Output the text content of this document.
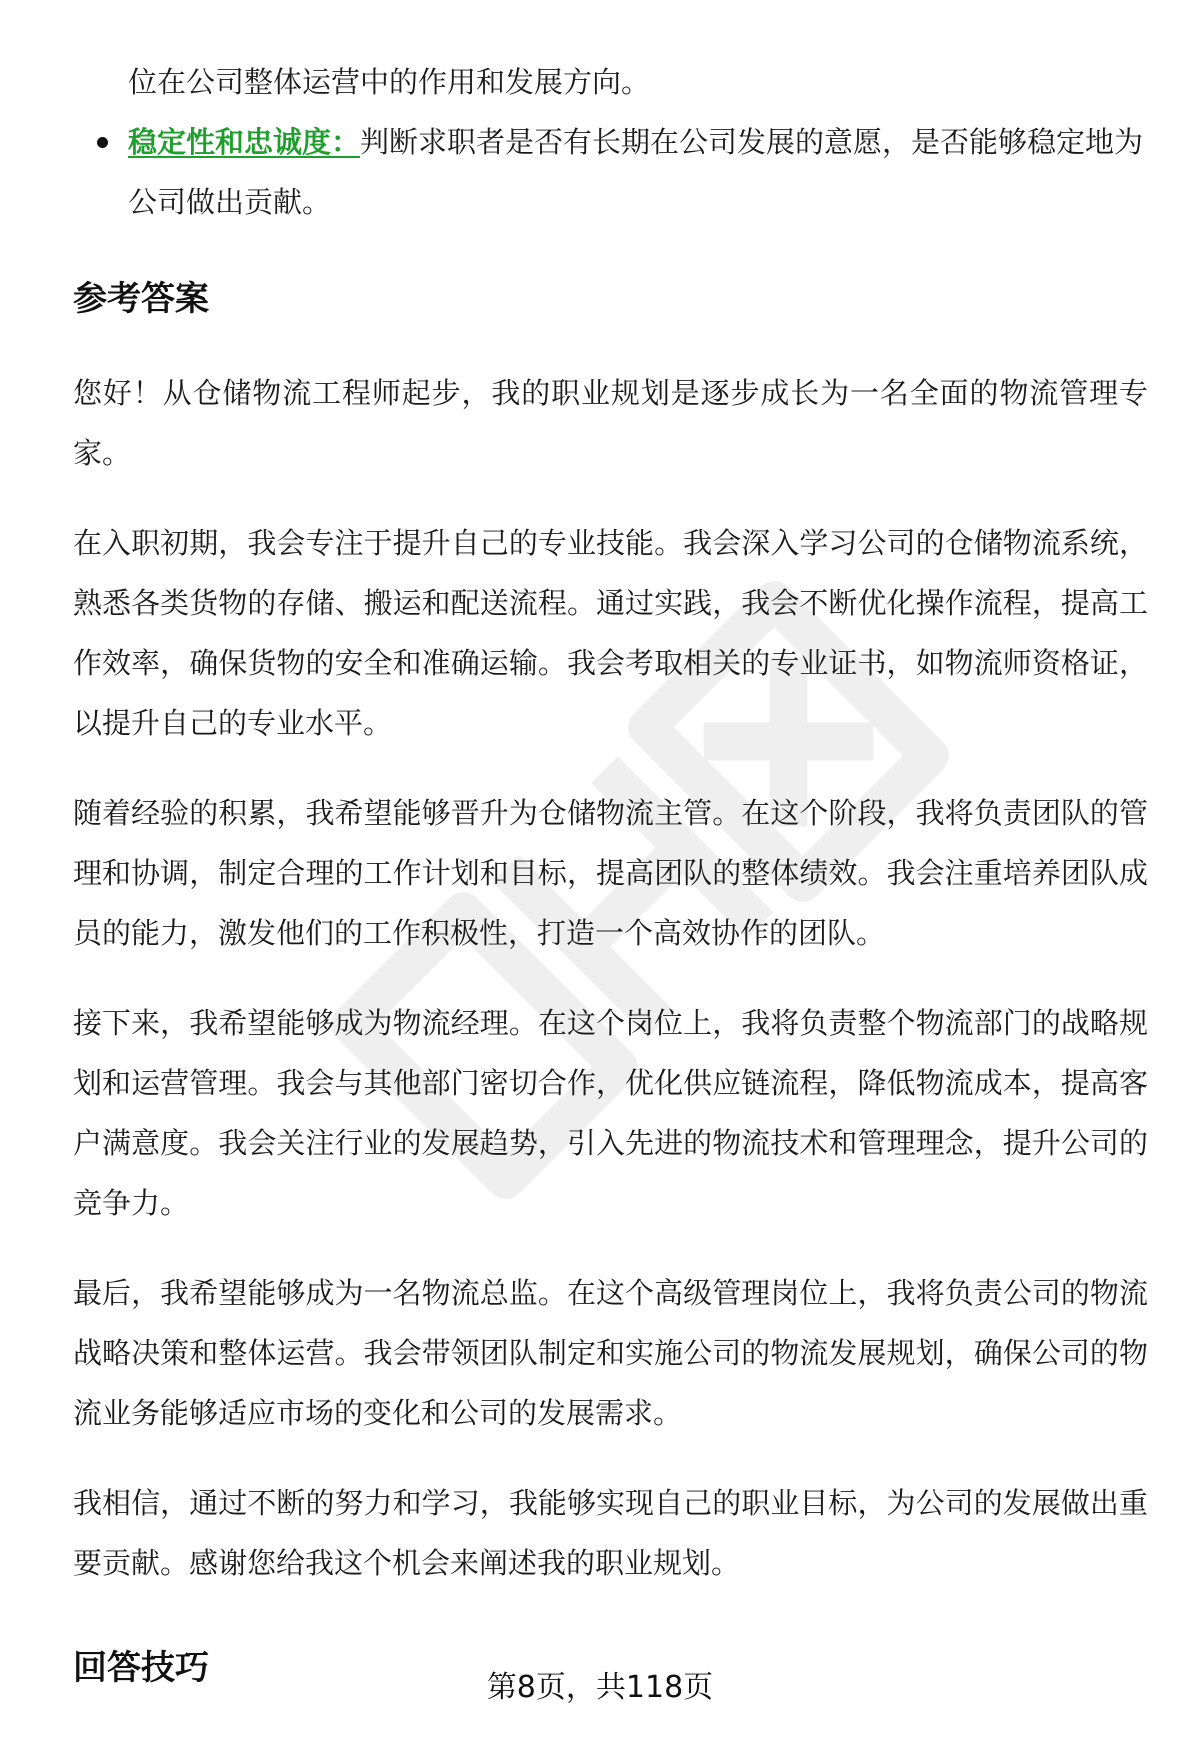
位在公司整体运营中的作用和发展方向。

稳定性和忠诚度：判断求职者是否有长期在公司发展的意愿，是否能够稳定地为公司做出贡献。
参考答案

您好！从仓储物流工程师起步，我的职业规划是逐步成长为一名全面的物流管理专家。

在入职初期，我会专注于提升自己的专业技能。我会深入学习公司的仓储物流系统，熟悉各类货物的存储、搬运和配送流程。通过实践，我会不断优化操作流程，提高工作效率，确保货物的安全和准确运输。我会考取相关的专业证书，如物流师资格证，以提升自己的专业水平。

随着经验的积累，我希望能够晋升为仓储物流主管。在这个阶段，我将负责团队的管理和协调，制定合理的工作计划和目标，提高团队的整体绩效。我会注重培养团队成员的能力，激发他们的工作积极性，打造一个高效协作的团队。

接下来，我希望能够成为物流经理。在这个岗位上，我将负责整个物流部门的战略规划和运营管理。我会与其他部门密切合作，优化供应链流程，降低物流成本，提高客户满意度。我会关注行业的发展趋势，引入先进的物流技术和管理理念，提升公司的竞争力。

最后，我希望能够成为一名物流总监。在这个高级管理岗位上，我将负责公司的物流战略决策和整体运营。我会带领团队制定和实施公司的物流发展规划，确保公司的物流业务能够适应市场的变化和公司的发展需求。

我相信，通过不断的努力和学习，我能够实现自己的职业目标，为公司的发展做出重要贡献。感谢您给我这个机会来阐述我的职业规划。

回答技巧	第8页，共118页
